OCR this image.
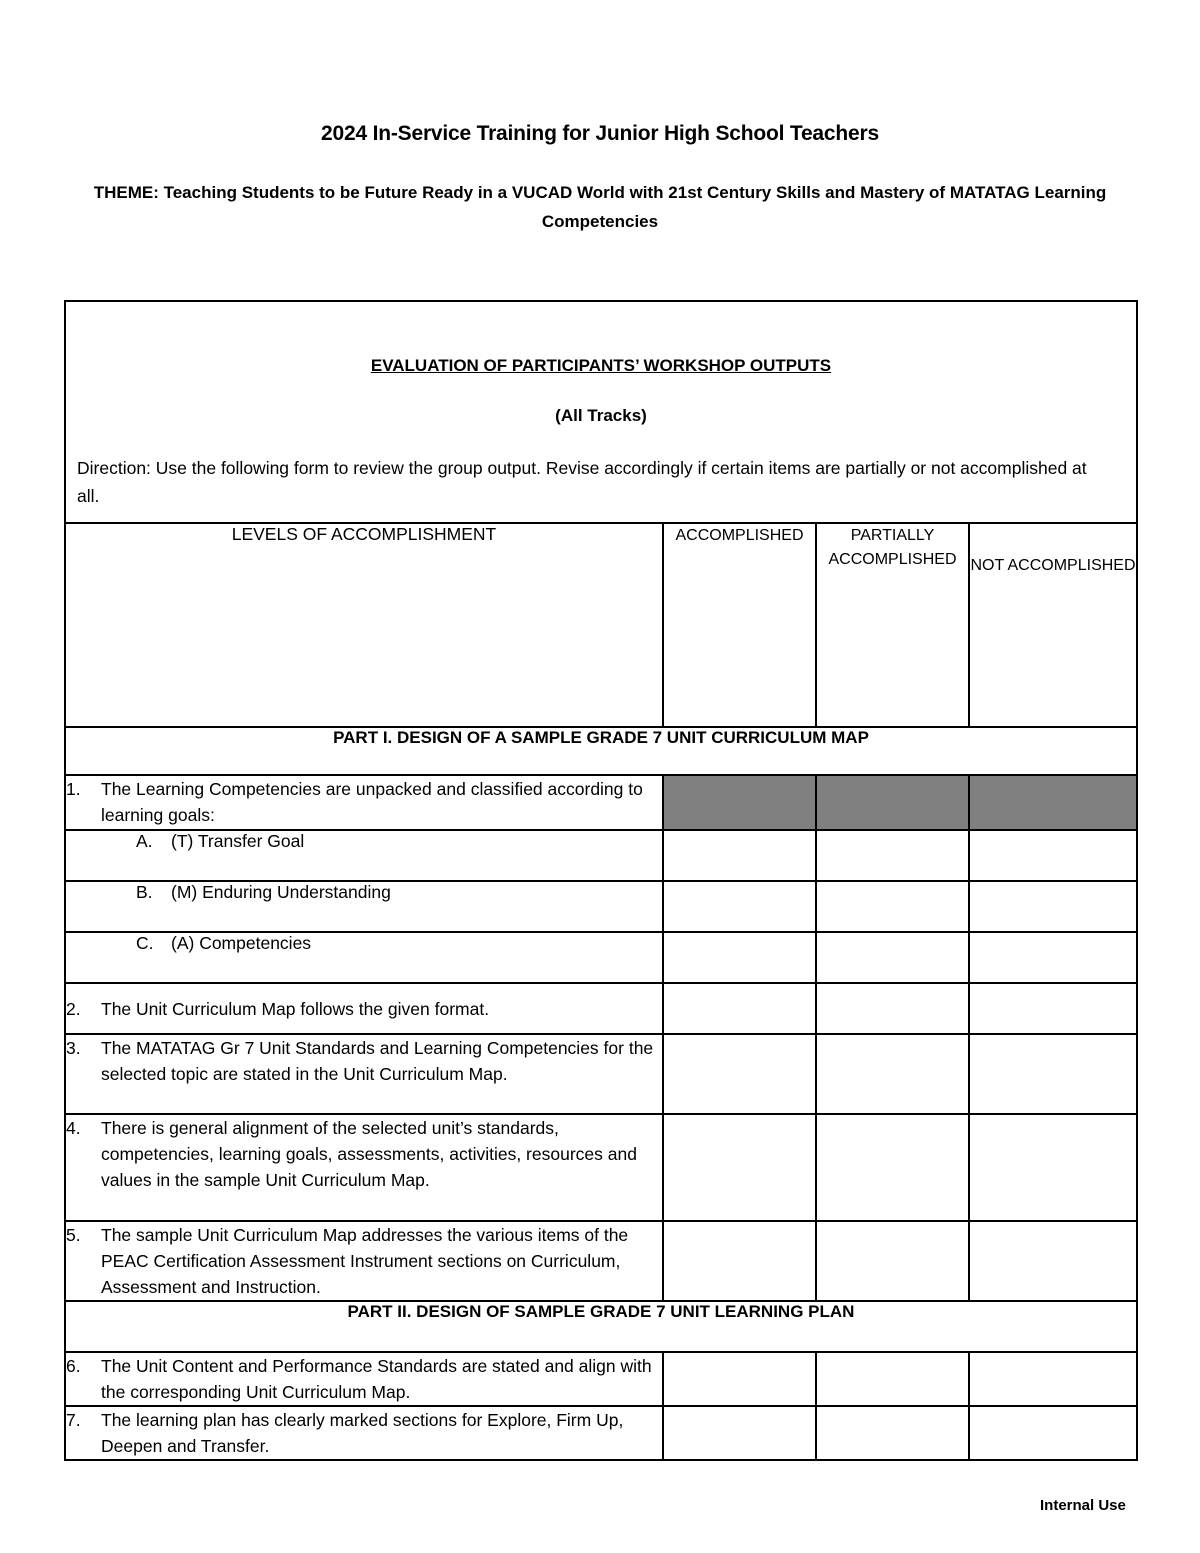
2024 In-Service Training for Junior High School Teachers
THEME: Teaching Students to be Future Ready in a VUCAD World with 21st Century Skills and Mastery of MATATAG Learning Competencies
EVALUATION OF PARTICIPANTS’ WORKSHOP OUTPUTS
(All Tracks)
Direction: Use the following form to review the group output. Revise accordingly if certain items are partially or not accomplished at all.			

LEVELS OF ACCOMPLISHMENT	ACCOMPLISHED	PARTIALLY ACCOMPLISHED	NOT ACCOMPLISHED
PART I. DESIGN OF A SAMPLE GRADE 7 UNIT CURRICULUM MAP			

1. The Learning Competencies are unpacked and classified according to learning goals:			

A. (T) Transfer Goal			

B. (M) Enduring Understanding			

C. (A) Competencies			

2. The Unit Curriculum Map follows the given format.			

3. The MATATAG Gr 7 Unit Standards and Learning Competencies for the selected topic are stated in the Unit Curriculum Map.			

4. There is general alignment of the selected unit’s standards, competencies, learning goals, assessments, activities, resources and values in the sample Unit Curriculum Map.			

5. The sample Unit Curriculum Map addresses the various items of the PEAC Certification Assessment Instrument sections on Curriculum, Assessment and Instruction.			

PART II. DESIGN OF SAMPLE GRADE 7 UNIT LEARNING PLAN			

6. The Unit Content and Performance Standards are stated and align with the corresponding Unit Curriculum Map.			

7. The learning plan has clearly marked sections for Explore, Firm Up, Deepen and Transfer.			

Internal Use
